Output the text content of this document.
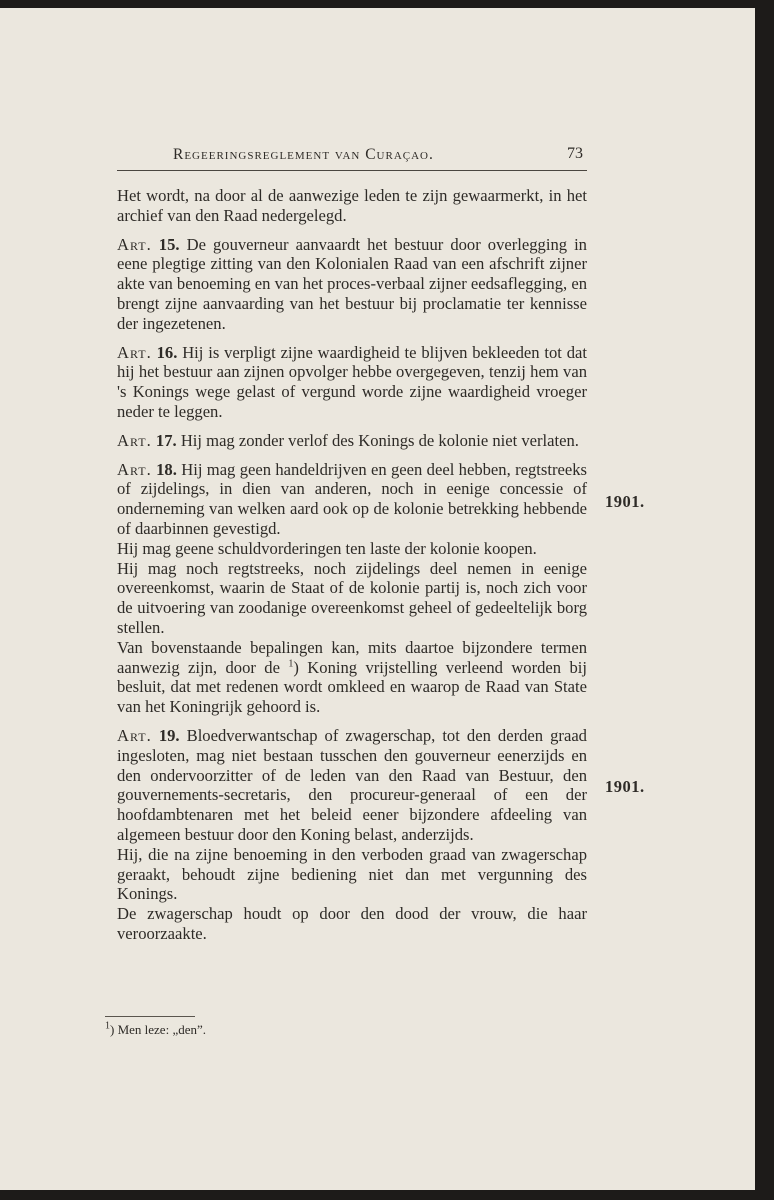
Regeeringsreglement van Curaçao.	73

Het wordt, na door al de aanwezige leden te zijn gewaarmerkt, in het archief van den Raad nedergelegd.

Art. 15. De gouverneur aanvaardt het bestuur door overlegging in eene plegtige zitting van den Kolonialen Raad van een afschrift zijner akte van benoeming en van het proces-verbaal zijner eedsaflegging, en brengt zijne aanvaarding van het bestuur bij proclamatie ter kennisse der ingezetenen.

Art. 16. Hij is verpligt zijne waardigheid te blijven bekleeden tot dat hij het bestuur aan zijnen opvolger hebbe overgegeven, tenzij hem van 's Konings wege gelast of vergund worde zijne waardigheid vroeger neder te leggen.

Art. 17. Hij mag zonder verlof des Konings de kolonie niet verlaten.

Art. 18. Hij mag geen handeldrijven en geen deel hebben, regtstreeks of zijdelings, in dien van anderen, noch in eenige concessie of onderneming van welken aard ook op de kolonie betrekking hebbende of daarbinnen gevestigd.

Hij mag geene schuldvorderingen ten laste der kolonie koopen.

Hij mag noch regtstreeks, noch zijdelings deel nemen in eenige overeenkomst, waarin de Staat of de kolonie partij is, noch zich voor de uitvoering van zoodanige overeenkomst geheel of gedeeltelijk borg stellen.

Van bovenstaande bepalingen kan, mits daartoe bijzondere termen aanwezig zijn, door de $^1$) Koning vrijstelling verleend worden bij besluit, dat met redenen wordt omkleed en waarop de Raad van State van het Koningrijk gehoord is.

Art. 19. Bloedverwantschap of zwagerschap, tot den derden graad ingesloten, mag niet bestaan tusschen den gouverneur eenerzijds en den ondervoorzitter of de leden van den Raad van Bestuur, den gouvernements-secretaris, den procureur-generaal of een der hoofdambtenaren met het beleid eener bijzondere afdeeling van algemeen bestuur door den Koning belast, anderzijds.

Hij, die na zijne benoeming in den verboden graad van zwagerschap geraakt, behoudt zijne bediening niet dan met vergunning des Konings.

De zwagerschap houdt op door den dood der vrouw, die haar veroorzaakte.

1901.
1901.
$^1$) Men leze: „den”.
